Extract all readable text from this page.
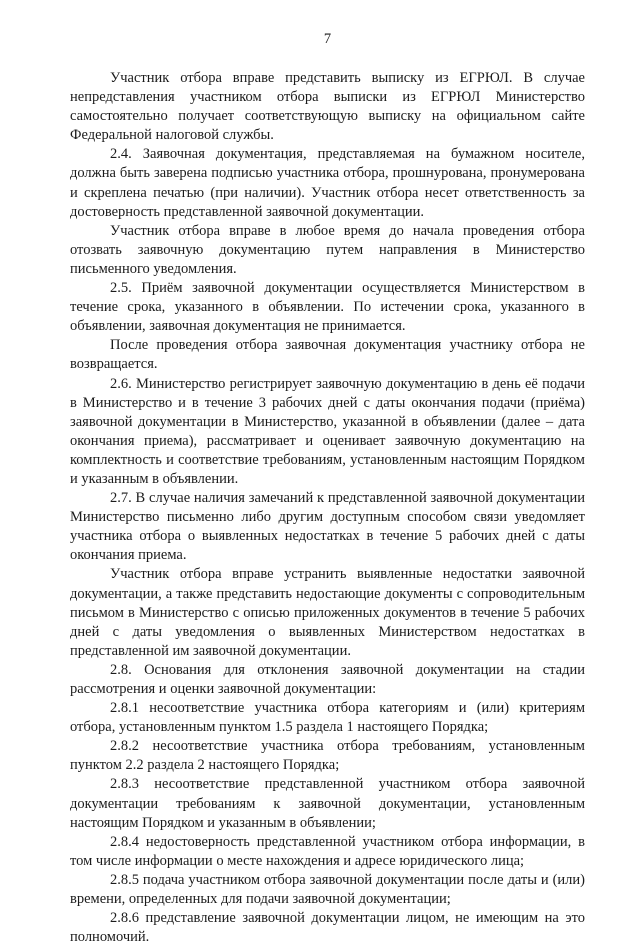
7

Участник отбора вправе представить выписку из ЕГРЮЛ. В случае непредставления участником отбора выписки из ЕГРЮЛ Министерство самостоятельно получает соответствующую выписку на официальном сайте Федеральной налоговой службы.

2.4. Заявочная документация, представляемая на бумажном носителе, должна быть заверена подписью участника отбора, прошнурована, пронумерована и скреплена печатью (при наличии). Участник отбора несет ответственность за достоверность представленной заявочной документации.

Участник отбора вправе в любое время до начала проведения отбора отозвать заявочную документацию путем направления в Министерство письменного уведомления.

2.5. Приём заявочной документации осуществляется Министерством в течение срока, указанного в объявлении. По истечении срока, указанного в объявлении, заявочная документация не принимается.

После проведения отбора заявочная документация участнику отбора не возвращается.

2.6. Министерство регистрирует заявочную документацию в день её подачи в Министерство и в течение 3 рабочих дней с даты окончания подачи (приёма) заявочной документации в Министерство, указанной в объявлении (далее – дата окончания приема), рассматривает и оценивает заявочную документацию на комплектность и соответствие требованиям, установленным настоящим Порядком и указанным в объявлении.

2.7. В случае наличия замечаний к представленной заявочной документации Министерство письменно либо другим доступным способом связи уведомляет участника отбора о выявленных недостатках в течение 5 рабочих дней с даты окончания приема.

Участник отбора вправе устранить выявленные недостатки заявочной документации, а также представить недостающие документы с сопроводительным письмом в Министерство с описью приложенных документов в течение 5 рабочих дней с даты уведомления о выявленных Министерством недостатках в представленной им заявочной документации.

2.8. Основания для отклонения заявочной документации на стадии рассмотрения и оценки заявочной документации:

2.8.1 несоответствие участника отбора категориям и (или) критериям отбора, установленным пунктом 1.5 раздела 1 настоящего Порядка;

2.8.2 несоответствие участника отбора требованиям, установленным пунктом 2.2 раздела 2 настоящего Порядка;

2.8.3 несоответствие представленной участником отбора заявочной документации требованиям к заявочной документации, установленным настоящим Порядком и указанным в объявлении;

2.8.4 недостоверность представленной участником отбора информации, в том числе информации о месте нахождения и адресе юридического лица;

2.8.5 подача участником отбора заявочной документации после даты и (или) времени, определенных для подачи заявочной документации;

2.8.6 представление заявочной документации лицом, не имеющим на это полномочий.
